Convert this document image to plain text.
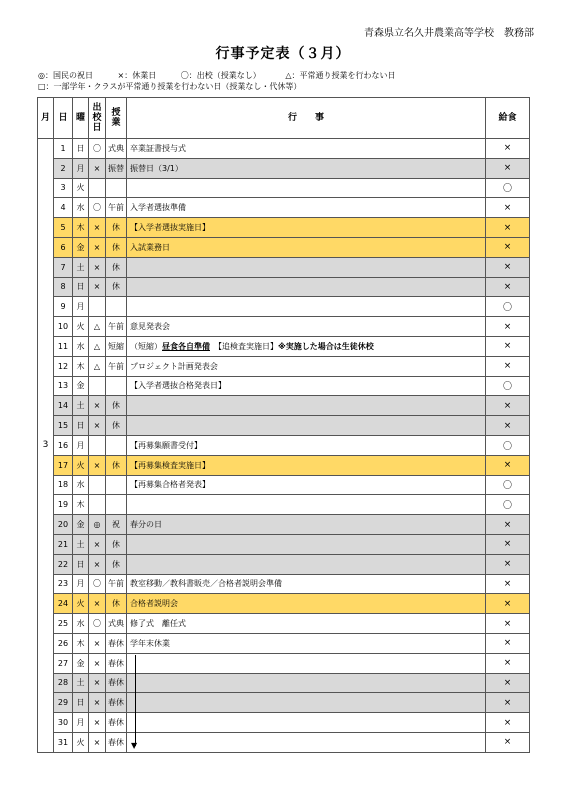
青森県立名久井農業高等学校　教務部
行事予定表（３月）
◎：国民の祝日	×：休業日	〇：出校（授業なし）	△：平常通り授業を行わない日
□：一部学年・クラスが平常通り授業を行わない日（授業なし・代休等）
月	日	曜	出校日	授業	行　　事	給食
3	1	日	〇	式典	卒業証書授与式	×
	2	月	×	振替	振替日（3/1）	×
	3	火				〇
	4	水	〇	午前	入学者選抜準備	×
	5	木	×	休	【入学者選抜実施日】	×
	6	金	×	休	入試業務日	×
	7	土	×	休		×
	8	日	×	休		×
	9	月				〇
	10	火	△	午前	意見発表会	×
	11	水	△	短縮	（短縮）昼食各自準備　【追検査実施日】※実施した場合は生徒休校	×
	12	木	△	午前	プロジェクト計画発表会	×
	13	金			【入学者選抜合格発表日】	〇
	14	土	×	休		×
	15	日	×	休		×
	16	月			【再募集願書受付】	〇
	17	火	×	休	【再募集検査実施日】	×
	18	水			【再募集合格者発表】	〇
	19	木				〇
	20	金	◎	祝	春分の日	×
	21	土	×	休		×
	22	日	×	休		×
	23	月	〇	午前	教室移動／教科書販売／合格者説明会準備	×
	24	火	×	休	合格者説明会	×
	25	水	〇	式典	修了式　離任式	×
	26	木	×	春休	学年末休業	×
	27	金	×	春休		×
	28	土	×	春休		×
	29	日	×	春休		×
	30	月	×	春休		×
	31	火	×	春休		×
▼
